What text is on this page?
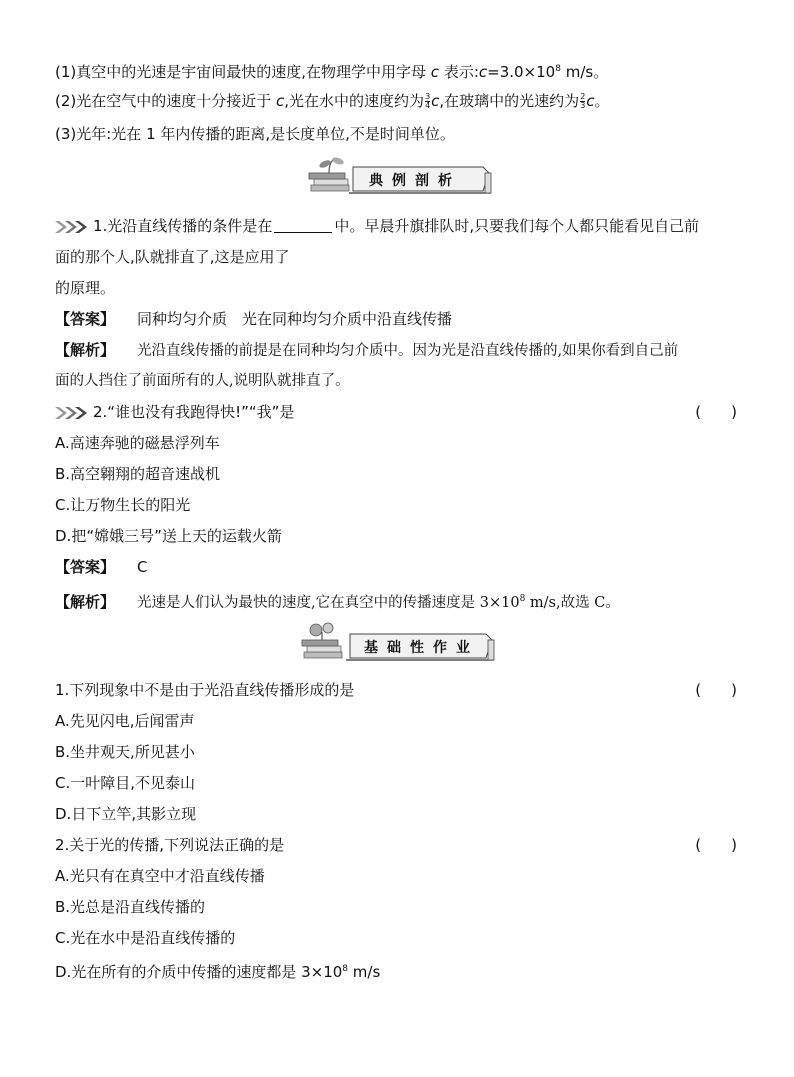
(1)真空中的光速是宇宙间最快的速度,在物理学中用字母 c 表示$:c=3.0\times 10^8$ m/s。
(2)光在空气中的速度十分接近于 c,光在水中的速度约为 $\frac{3}{4} c$,在玻璃中的光速约为 $\frac{2}{3}$ c。
(3)光年:光在 1 年内传播的距离,是长度单位,不是时间单位。
典例剖析
1.光沿直线传播的条件是在	中。早晨升旗排队时,只要我们每个人都只能看见自己前
面的那个人,队就排直了,这是应用了
的原理。
【答案】 同种均匀介质　光在同种均匀介质中沿直线传播
【解析】 光沿直线传播的前提是在同种均匀介质中。因为光是沿直线传播的,如果你看到自己前
面的人挡住了前面所有的人,说明队就排直了。
2.“谁也没有我跑得快!”“我”是	(　　)
A.高速奔驰的磁悬浮列车
B.高空翱翔的超音速战机
C.让万物生长的阳光
D.把“嫦娥三号”送上天的运载火箭
【答案】 C
【解析】 光速是人们认为最快的速度,它在真空中的传播速度是 $3\times 10^8$ m/s,故选 C。
基础性作业
1.下列现象中不是由于光沿直线传播形成的是	(　　)
A.先见闪电,后闻雷声
B.坐井观天,所见甚小
C.一叶障目,不见泰山
D.日下立竿,其影立现
2.关于光的传播,下列说法正确的是	(　　)
A.光只有在真空中才沿直线传播
B.光总是沿直线传播的
C.光在水中是沿直线传播的
D.光在所有的介质中传播的速度都是 $3\times 10^8$ m/s
